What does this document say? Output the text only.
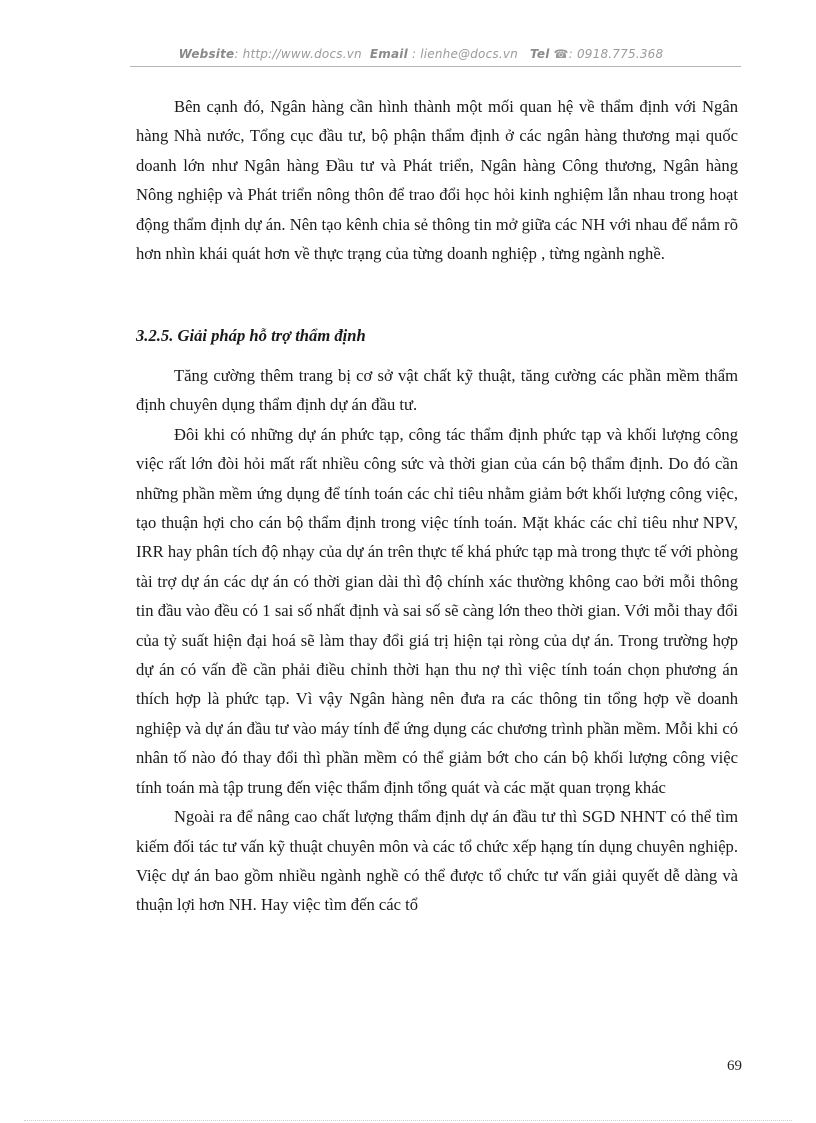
Website: http://www.docs.vn Email : lienhe@docs.vn Tel ☎: 0918.775.368

Bên cạnh đó, Ngân hàng cần hình thành một mối quan hệ về thẩm định với Ngân hàng Nhà nước, Tổng cục đầu tư, bộ phận thẩm định ở các ngân hàng thương mại quốc doanh lớn như Ngân hàng Đầu tư và Phát triển, Ngân hàng Công thương, Ngân hàng Nông nghiệp và Phát triển nông thôn để trao đổi học hỏi kinh nghiệm lẫn nhau trong hoạt động thẩm định dự án. Nên tạo kênh chia sẻ thông tin mở giữa các NH với nhau để nắm rõ hơn nhìn khái quát hơn về thực trạng của từng doanh nghiệp , từng ngành nghề.

3.2.5. Giải pháp hỗ trợ thẩm định

Tăng cường thêm trang bị cơ sở vật chất kỹ thuật, tăng cường các phần mềm thẩm định chuyên dụng thẩm định dự án đầu tư.

Đôi khi có những dự án phức tạp, công tác thẩm định phức tạp và khối lượng công việc rất lớn đòi hỏi mất rất nhiều công sức và thời gian của cán bộ thẩm định. Do đó cần những phần mềm ứng dụng để tính toán các chỉ tiêu nhằm giảm bớt khối lượng công việc, tạo thuận hợi cho cán bộ thẩm định trong việc tính toán. Mặt khác các chỉ tiêu như NPV, IRR hay phân tích độ nhạy của dự án trên thực tế khá phức tạp mà trong thực tế với phòng tài trợ dự án các dự án có thời gian dài thì độ chính xác thường không cao bởi mỗi thông tin đầu vào đều có 1 sai số nhất định và sai số sẽ càng lớn theo thời gian. Với mỗi thay đổi của tỷ suất hiện đại hoá sẽ làm thay đổi giá trị hiện tại ròng của dự án. Trong trường hợp dự án có vấn đề cần phải điều chỉnh thời hạn thu nợ thì việc tính toán chọn phương án thích hợp là phức tạp. Vì vậy Ngân hàng nên đưa ra các thông tin tổng hợp về doanh nghiệp và dự án đầu tư vào máy tính để ứng dụng các chương trình phần mềm. Mỗi khi có nhân tố nào đó thay đổi thì phần mềm có thể giảm bớt cho cán bộ khối lượng công việc tính toán mà tập trung đến việc thẩm định tổng quát và các mặt quan trọng khác

Ngoài ra để nâng cao chất lượng thẩm định dự án đầu tư thì SGD NHNT có thể tìm kiếm đối tác tư vấn kỹ thuật chuyên môn và các tổ chức xếp hạng tín dụng chuyên nghiệp. Việc dự án bao gồm nhiều ngành nghề có thể được tổ chức tư vấn giải quyết dễ dàng và thuận lợi hơn NH. Hay việc tìm đến các tổ

69
